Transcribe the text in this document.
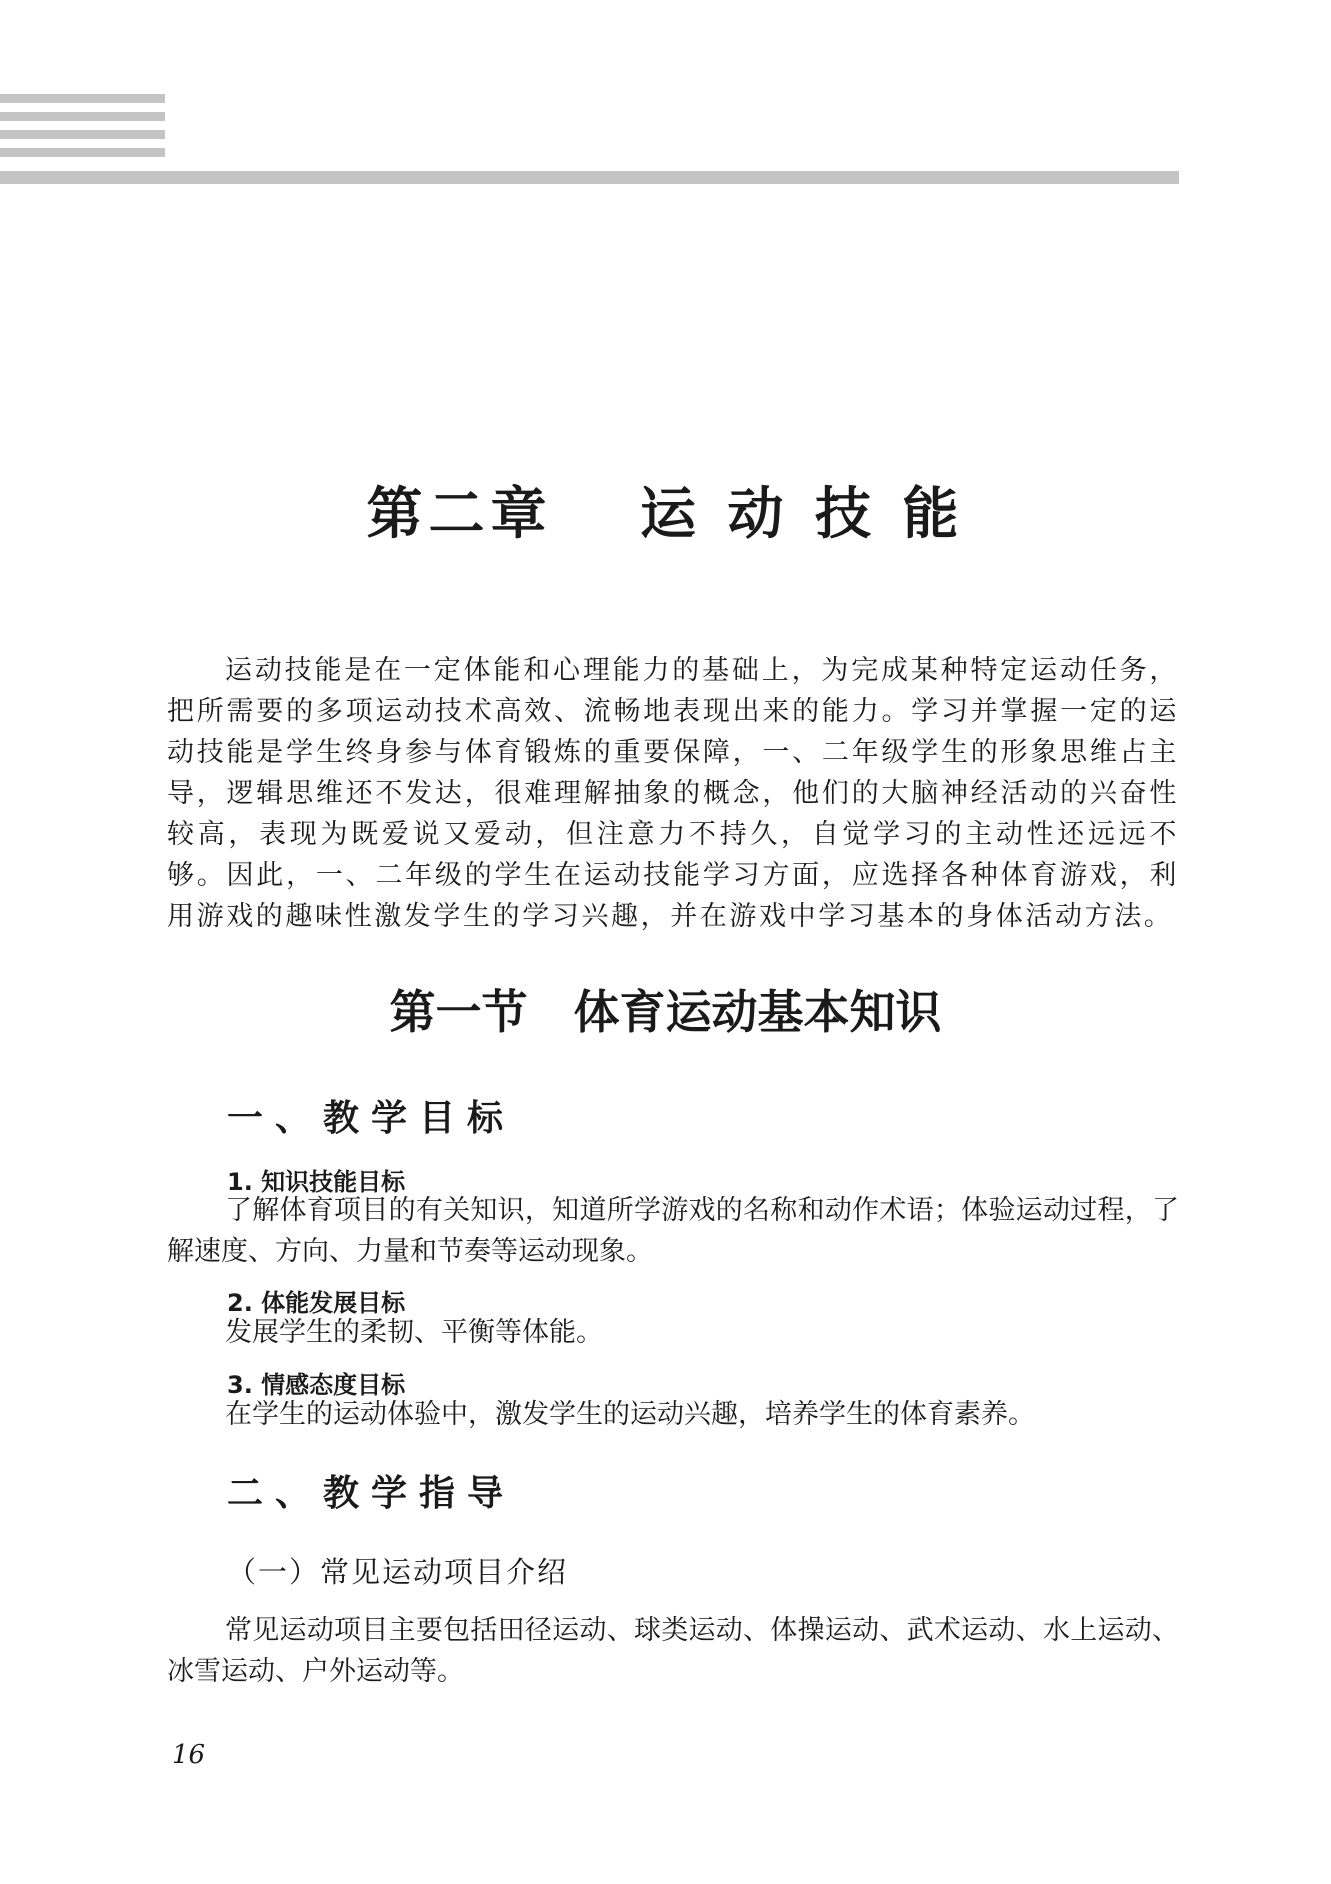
第二章　 运 动 技 能

运动技能是在一定体能和心理能力的基础上，为完成某种特定运动任务，把所需要的多项运动技术高效、流畅地表现出来的能力。学习并掌握一定的运动技能是学生终身参与体育锻炼的重要保障，一、二年级学生的形象思维占主导，逻辑思维还不发达，很难理解抽象的概念，他们的大脑神经活动的兴奋性较高，表现为既爱说又爱动，但注意力不持久，自觉学习的主动性还远远不够。因此，一、二年级的学生在运动技能学习方面，应选择各种体育游戏，利用游戏的趣味性激发学生的学习兴趣，并在游戏中学习基本的身体活动方法。

第一节　体育运动基本知识
一、教学目标
1. 知识技能目标

了解体育项目的有关知识，知道所学游戏的名称和动作术语；体验运动过程，了解速度、方向、力量和节奏等运动现象。

2. 体能发展目标

发展学生的柔韧、平衡等体能。

3. 情感态度目标

在学生的运动体验中，激发学生的运动兴趣，培养学生的体育素养。

二、教学指导
（一）常见运动项目介绍

常见运动项目主要包括田径运动、球类运动、体操运动、武术运动、水上运动、冰雪运动、户外运动等。

16
